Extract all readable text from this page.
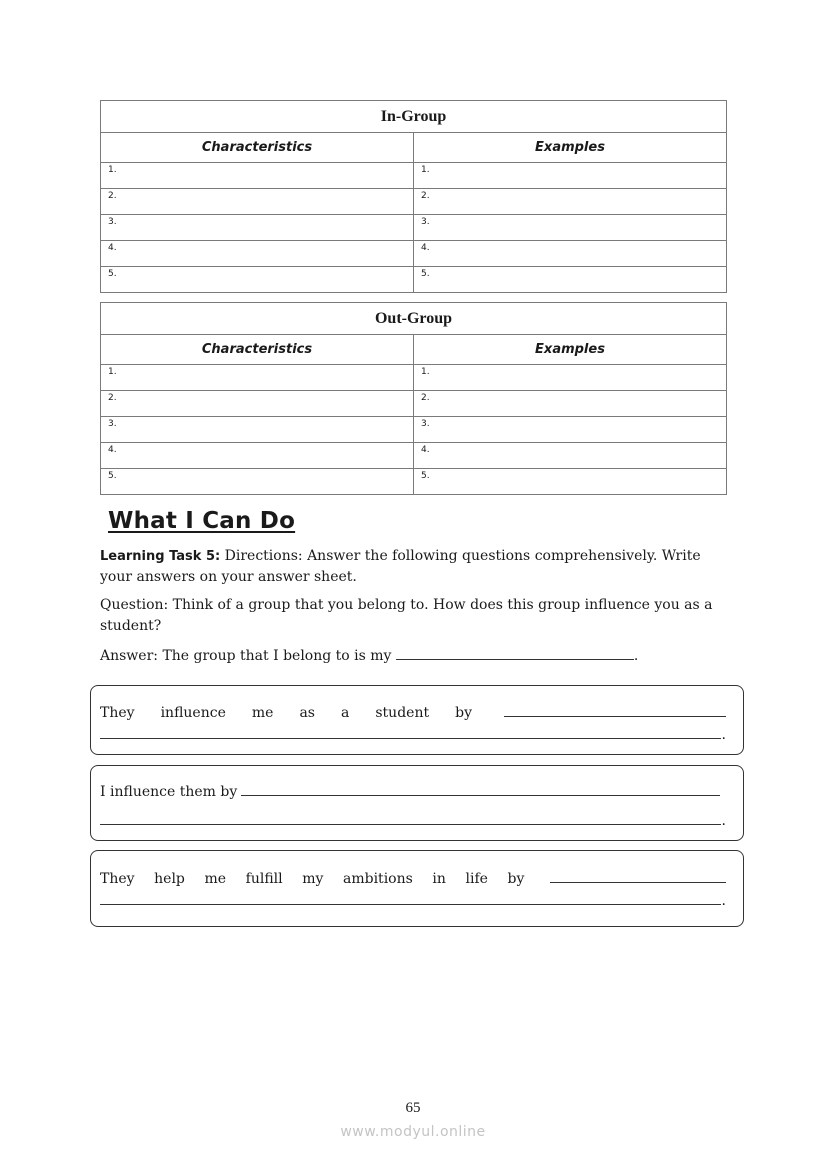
In-Group	
Characteristics	Examples
1.	1.
2.	2.
3.	3.
4.	4.
5.	5.
Out-Group	
Characteristics	Examples
1.	1.
2.	2.
3.	3.
4.	4.
5.	5.
What I Can Do

Learning Task 5: Directions: Answer the following questions comprehensively. Write your answers on your answer sheet.

Question: Think of a group that you belong to. How does this group influence you as a student?

Answer: The group that I belong to is my	.

They influence me as a student by
.
I influence them by
.
They help me fulfill my ambitions in life by
.
65
www.modyul.online
